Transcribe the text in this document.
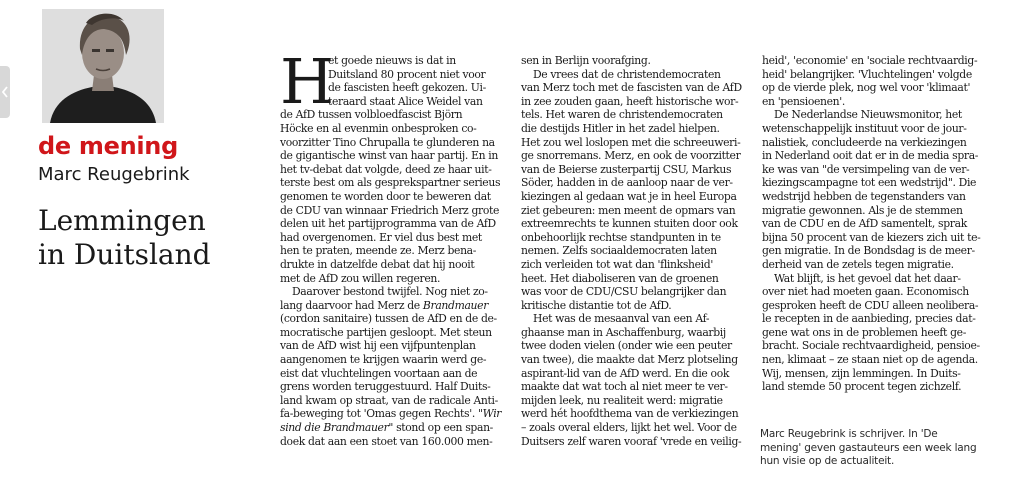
de mening
Marc Reugebrink
Lemmingen
in Duitsland
H
et goede nieuws is dat in
Duitsland 80 procent niet voor
de fascisten heeft gekozen. Ui-
teraard staat Alice Weidel van
de AfD tussen volbloedfascist Björn
Höcke en al evenmin onbesproken co-
voorzitter Tino Chrupalla te glunderen na
de gigantische winst van haar partij. En in
het tv-debat dat volgde, deed ze haar uit-
terste best om als gesprekspartner serieus
genomen te worden door te beweren dat
de CDU van winnaar Friedrich Merz grote
delen uit het partijprogramma van de AfD
had overgenomen. Er viel dus best met
hen te praten, meende ze. Merz bena-
drukte in datzelfde debat dat hij nooit
met de AfD zou willen regeren.
Daarover bestond twijfel. Nog niet zo-
lang daarvoor had Merz de Brandmauer
(cordon sanitaire) tussen de AfD en de de-
mocratische partijen gesloopt. Met steun
van de AfD wist hij een vijfpuntenplan
aangenomen te krijgen waarin werd ge-
eist dat vluchtelingen voortaan aan de
grens worden teruggestuurd. Half Duits-
land kwam op straat, van de radicale Anti-
fa-beweging tot 'Omas gegen Rechts'. "Wir
sind die Brandmauer" stond op een span-
doek dat aan een stoet van 160.000 men-
sen in Berlijn voorafging.
De vrees dat de christendemocraten
van Merz toch met de fascisten van de AfD
in zee zouden gaan, heeft historische wor-
tels. Het waren de christendemocraten
die destijds Hitler in het zadel hielpen.
Het zou wel loslopen met die schreeuweri-
ge snorremans. Merz, en ook de voorzitter
van de Beierse zusterpartij CSU, Markus
Söder, hadden in de aanloop naar de ver-
kiezingen al gedaan wat je in heel Europa
ziet gebeuren: men meent de opmars van
extreemrechts te kunnen stuiten door ook
onbehoorlijk rechtse standpunten in te
nemen. Zelfs sociaaldemocraten laten
zich verleiden tot wat dan 'flinksheid'
heet. Het diaboliseren van de groenen
was voor de CDU/CSU belangrijker dan
kritische distantie tot de AfD.
Het was de mesaanval van een Af-
ghaanse man in Aschaffenburg, waarbij
twee doden vielen (onder wie een peuter
van twee), die maakte dat Merz plotseling
aspirant-lid van de AfD werd. En die ook
maakte dat wat toch al niet meer te ver-
mijden leek, nu realiteit werd: migratie
werd hét hoofdthema van de verkiezingen
– zoals overal elders, lijkt het wel. Voor de
Duitsers zelf waren vooraf 'vrede en veilig-
heid', 'economie' en 'sociale rechtvaardig-
heid' belangrijker. 'Vluchtelingen' volgde
op de vierde plek, nog wel voor 'klimaat'
en 'pensioenen'.
De Nederlandse Nieuwsmonitor, het
wetenschappelijk instituut voor de jour-
nalistiek, concludeerde na verkiezingen
in Nederland ooit dat er in de media spra-
ke was van "de versimpeling van de ver-
kiezingscampagne tot een wedstrijd". Die
wedstrijd hebben de tegenstanders van
migratie gewonnen. Als je de stemmen
van de CDU en de AfD samentelt, sprak
bijna 50 procent van de kiezers zich uit te-
gen migratie. In de Bondsdag is de meer-
derheid van de zetels tegen migratie.
Wat blijft, is het gevoel dat het daar-
over niet had moeten gaan. Economisch
gesproken heeft de CDU alleen neolibera-
le recepten in de aanbieding, precies dat-
gene wat ons in de problemen heeft ge-
bracht. Sociale rechtvaardigheid, pensioe-
nen, klimaat – ze staan niet op de agenda.
Wij, mensen, zijn lemmingen. In Duits-
land stemde 50 procent tegen zichzelf.
Marc Reugebrink is schrijver. In 'De
mening' geven gastauteurs een week lang
hun visie op de actualiteit.
